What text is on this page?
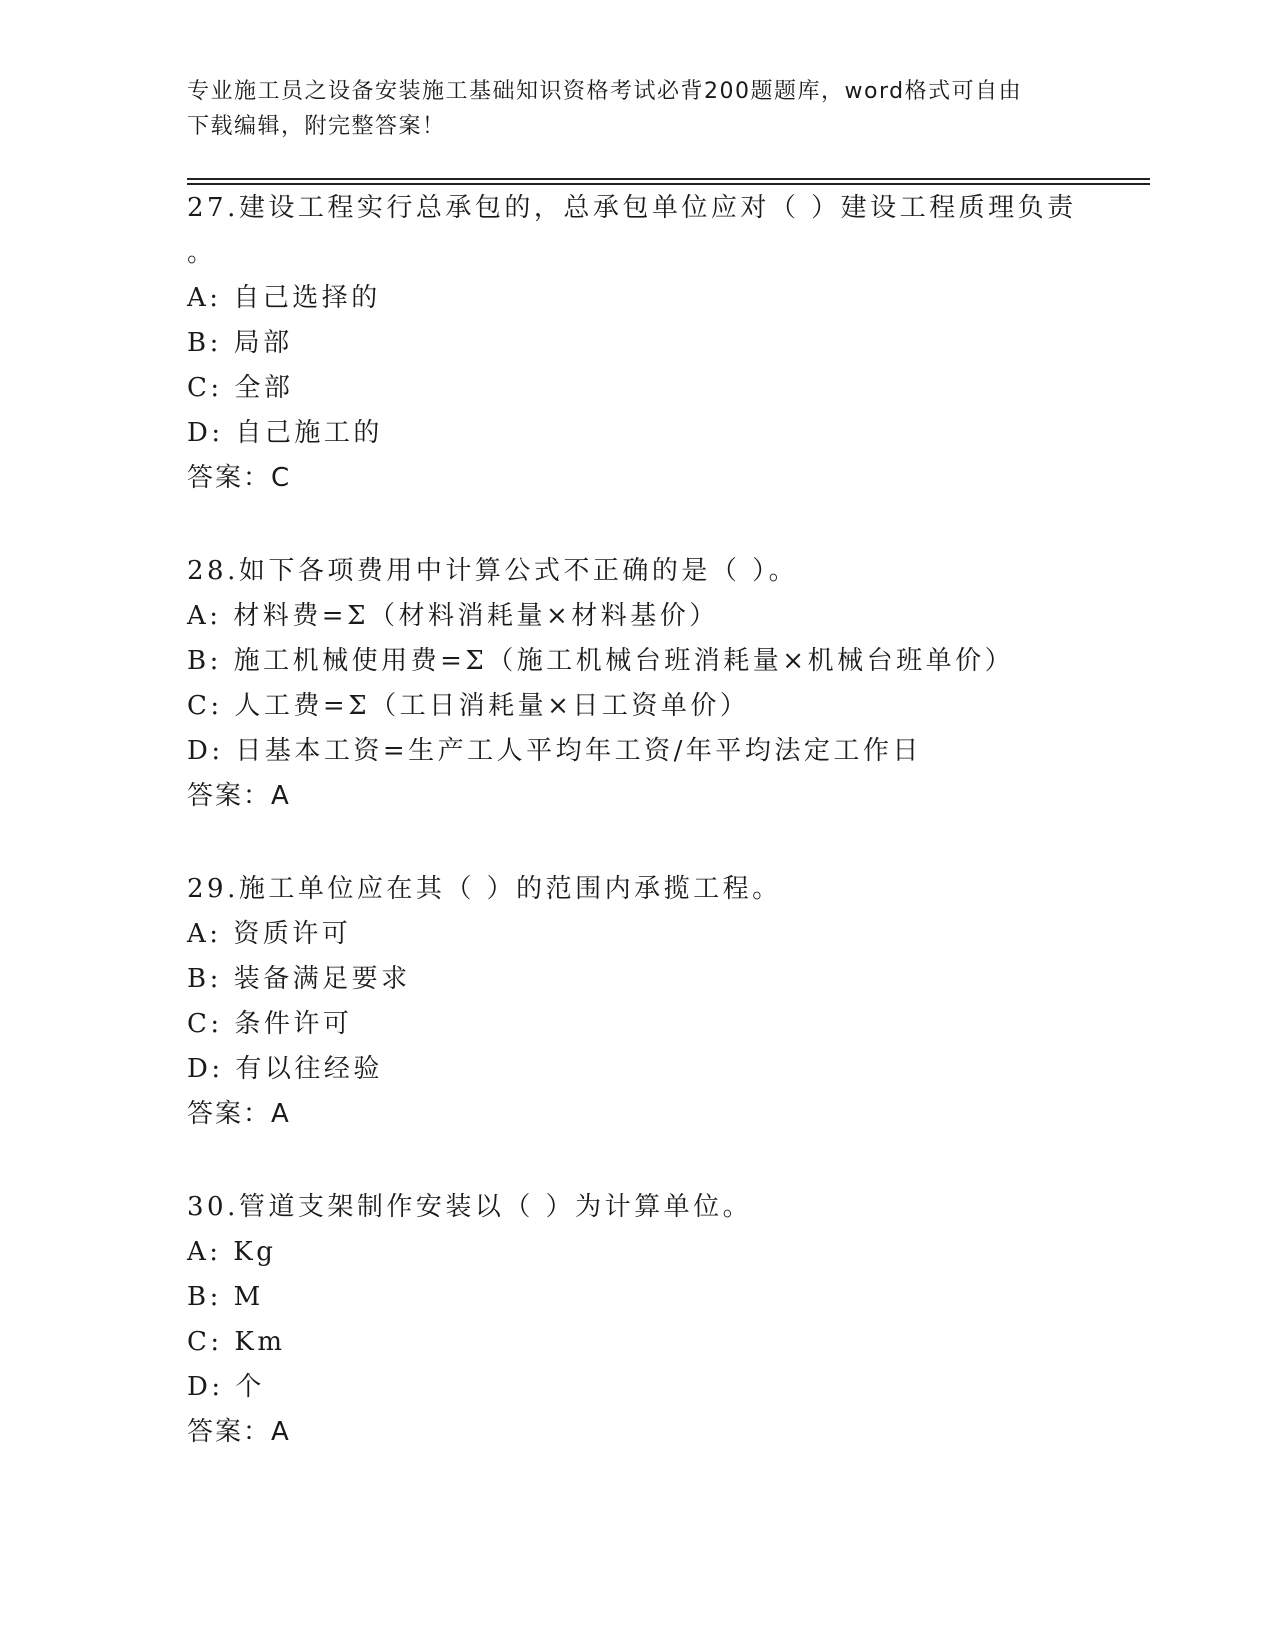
专业施工员之设备安装施工基础知识资格考试必背200题题库，word格式可自由
下载编辑，附完整答案！
27.建设工程实行总承包的，总承包单位应对（ ）建设工程质理负责
。
A: 自己选择的
B: 局部
C: 全部
D: 自己施工的
答案：C
28.如下各项费用中计算公式不正确的是（ ）。
A: 材料费=Σ（材料消耗量×材料基价）
B: 施工机械使用费=Σ（施工机械台班消耗量×机械台班单价）
C: 人工费=Σ（工日消耗量×日工资单价）
D: 日基本工资=生产工人平均年工资/年平均法定工作日
答案：A
29.施工单位应在其（ ）的范围内承揽工程。
A: 资质许可
B: 装备满足要求
C: 条件许可
D: 有以往经验
答案：A
30.管道支架制作安装以（ ）为计算单位。
A: Kg
B: M
C: Km
D: 个
答案：A
